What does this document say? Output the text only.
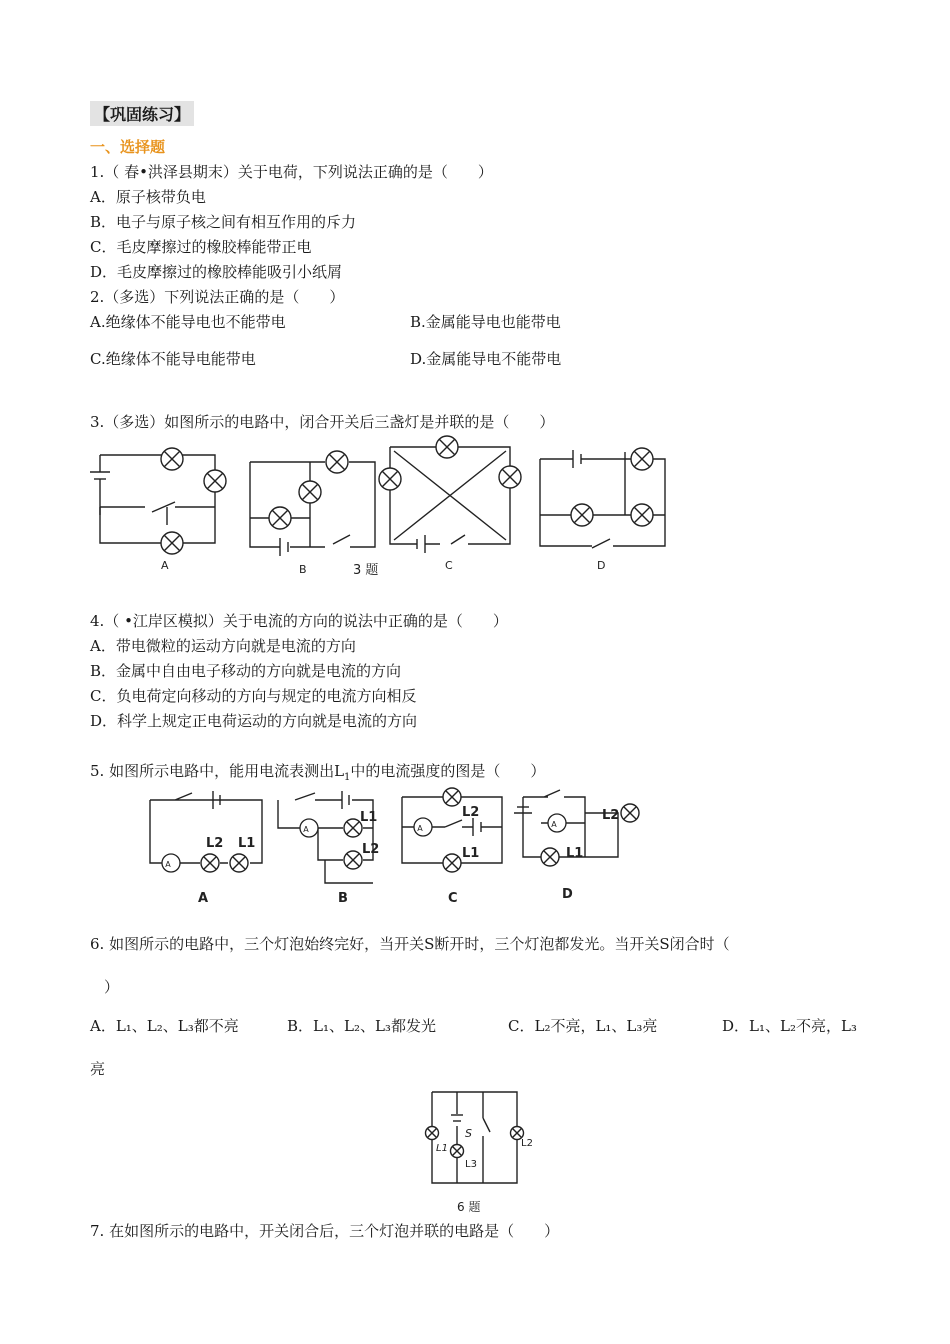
【巩固练习】
一、选择题
1.（ 春•洪泽县期末）关于电荷，下列说法正确的是（　　）
A．原子核带负电
B．电子与原子核之间有相互作用的斥力
C．毛皮摩擦过的橡胶棒能带正电
D．毛皮摩擦过的橡胶棒能吸引小纸屑
2.（多选）下列说法正确的是（　　）
A.绝缘体不能导电也不能带电	B.金属能导电也能带电
C.绝缘体不能导电能带电	D.金属能导电不能带电
3.（多选）如图所示的电路中，闭合开关后三盏灯是并联的是（　　）
A	B	3 题	C	D
4.（ •江岸区模拟）关于电流的方向的说法中正确的是（　　）
A．带电微粒的运动方向就是电流的方向
B．金属中自由电子移动的方向就是电流的方向
C．负电荷定向移动的方向与规定的电流方向相反
D．科学上规定正电荷运动的方向就是电流的方向
5. 如图所示电路中，能用电流表测出$L_1$中的电流强度的图是（　　）
A
L2 L1
A
A
L1
L2
B
A
L2
L1
C
A
L2
L1
D
6. 如图所示的电路中，三个灯泡始终完好，当开关S断开时，三个灯泡都发光。当开关S闭合时（
）
A．L₁、L₂、L₃都不亮	B．L₁、L₂、L₃都发光	C．L₂不亮，L₁、L₃亮	D．L₁、L₂不亮，L₃
亮
S
L1
L3
L2
6 题
7. 在如图所示的电路中，开关闭合后，三个灯泡并联的电路是（　　）
